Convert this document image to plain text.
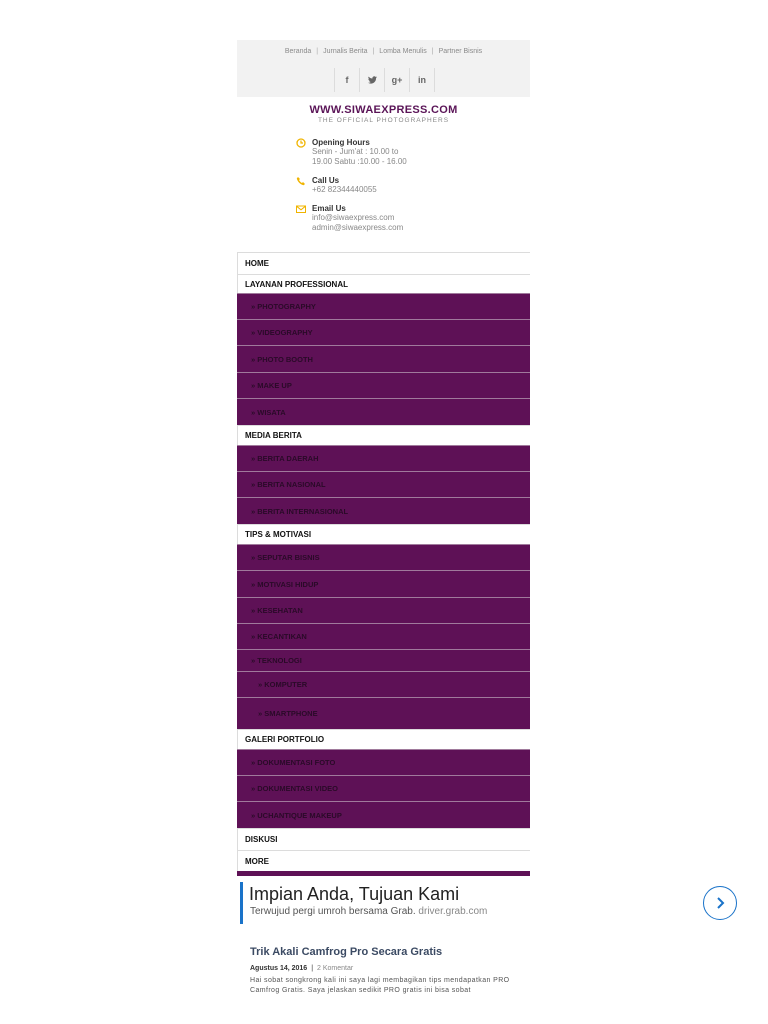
Beranda | Jurnalis Berita | Lomba Menulis | Partner Bisnis
f	g+	in
WWW.SIWAEXPRESS.COM
THE OFFICIAL PHOTOGRAPHERS
Opening Hours
Senin - Jum'at : 10.00 to
19.00 Sabtu :10.00 - 16.00
Call Us
+62 82344440055
Email Us
info@siwaexpress.com
admin@siwaexpress.com
HOME
LAYANAN PROFESSIONAL
» PHOTOGRAPHY
» VIDEOGRAPHY
» PHOTO BOOTH
» MAKE UP
» WISATA
MEDIA BERITA
» BERITA DAERAH
» BERITA NASIONAL
» BERITA INTERNASIONAL
TIPS & MOTIVASI
» SEPUTAR BISNIS
» MOTIVASI HIDUP
» KESEHATAN
» KECANTIKAN
» TEKNOLOGI
» KOMPUTER
» SMARTPHONE
GALERI PORTFOLIO
» DOKUMENTASI FOTO
» DOKUMENTASI VIDEO
» UCHANTIQUE MAKEUP
DISKUSI
MORE
Impian Anda, Tujuan Kami
Terwujud pergi umroh bersama Grab. driver.grab.com
Trik Akali Camfrog Pro Secara Gratis
Agustus 14, 2016 | 2 Komentar
Hai sobat songkrong kali ini saya lagi membagikan tips mendapatkan PRO Camfrog Gratis. Saya jelaskan sedikit PRO gratis ini bisa sobat
